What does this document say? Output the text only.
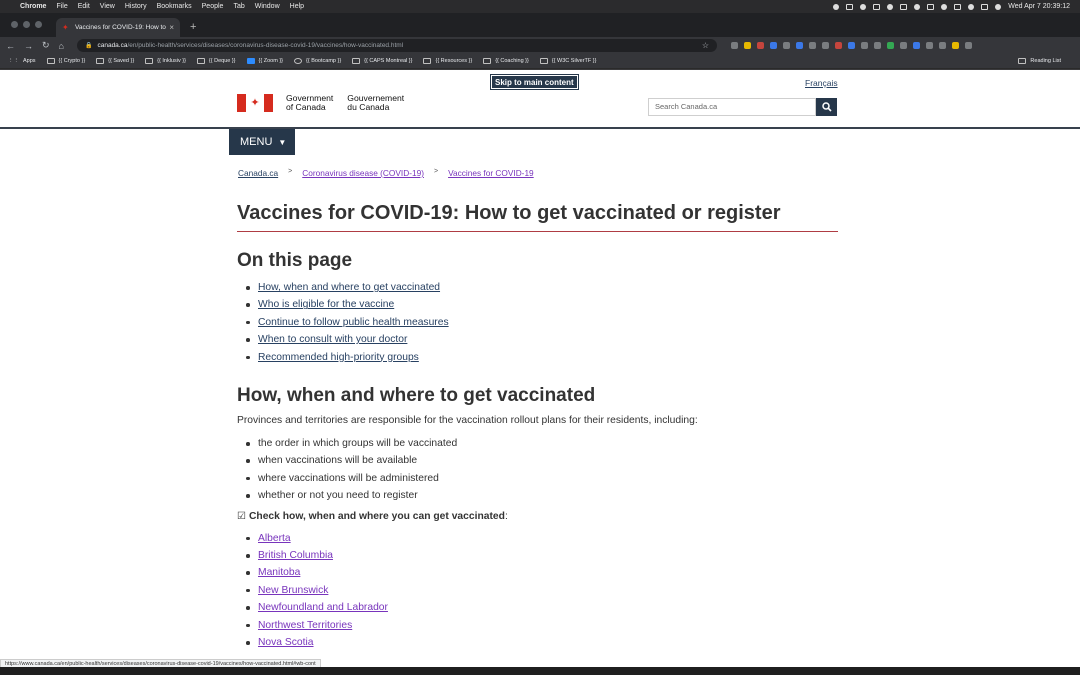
Chrome File Edit View History Bookmarks People Tab Window Help	Wed Apr 7 20:39:12
✦ Vaccines for COVID-19: How to × +
← → ↻ ⌂	🔒 canada.ca /en/public-health/services/diseases/coronavirus-disease-covid-19/vaccines/how-vaccinated.html	☆
⋮⋮ Apps	{{ Crypto }}	{{ Saved }}	{{ Inklusiv }}	{{ Deque }}	{{ Zoom }}	{{ Bootcamp }}	{{ CAPS Montreal }}	{{ Resources }}	{{ Coaching }}	{{ W3C SilverTF }}	Reading List
Skip to main content	Français
✦	Government
of Canada
Gouvernement
du Canada	Search Canada.ca
MENU ▼
Canada.ca > Coronavirus disease (COVID-19) > Vaccines for COVID-19
Vaccines for COVID-19: How to get vaccinated or register
On this page
How, when and where to get vaccinated
Who is eligible for the vaccine
Continue to follow public health measures
When to consult with your doctor
Recommended high-priority groups
How, when and where to get vaccinated

Provinces and territories are responsible for the vaccination rollout plans for their residents, including:

the order in which groups will be vaccinated
when vaccinations will be available
where vaccinations will be administered
whether or not you need to register
☑ Check how, when and where you can get vaccinated :
Alberta
British Columbia
Manitoba
New Brunswick
Newfoundland and Labrador
Northwest Territories
Nova Scotia
https://www.canada.ca/en/public-health/services/diseases/coronavirus-disease-covid-19/vaccines/how-vaccinated.html#wb-cont
